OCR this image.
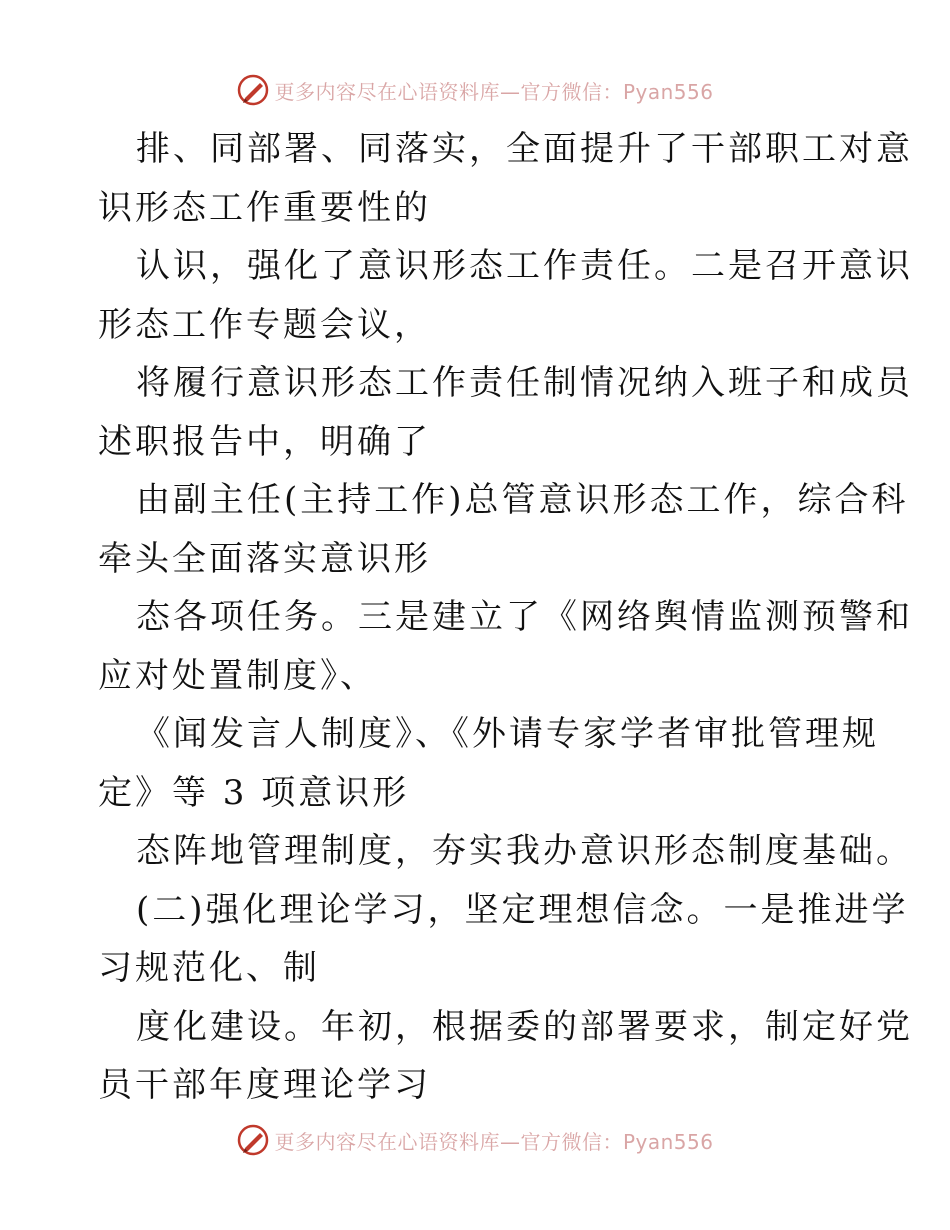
更多内容尽在心语资料库—官方微信：Pyan556
排、同部署、同落实，全面提升了干部职工对意
识形态工作重要性的
认识，强化了意识形态工作责任。二是召开意识
形态工作专题会议，
将履行意识形态工作责任制情况纳入班子和成员
述职报告中，明确了
由副主任(主持工作)总管意识形态工作，综合科
牵头全面落实意识形
态各项任务。三是建立了《网络舆情监测预警和
应对处置制度》、
《闻发言人制度》、《外请专家学者审批管理规
定》等 3 项意识形
态阵地管理制度，夯实我办意识形态制度基础。
(二)强化理论学习，坚定理想信念。一是推进学
习规范化、制
度化建设。年初，根据委的部署要求，制定好党
员干部年度理论学习
更多内容尽在心语资料库—官方微信：Pyan556
